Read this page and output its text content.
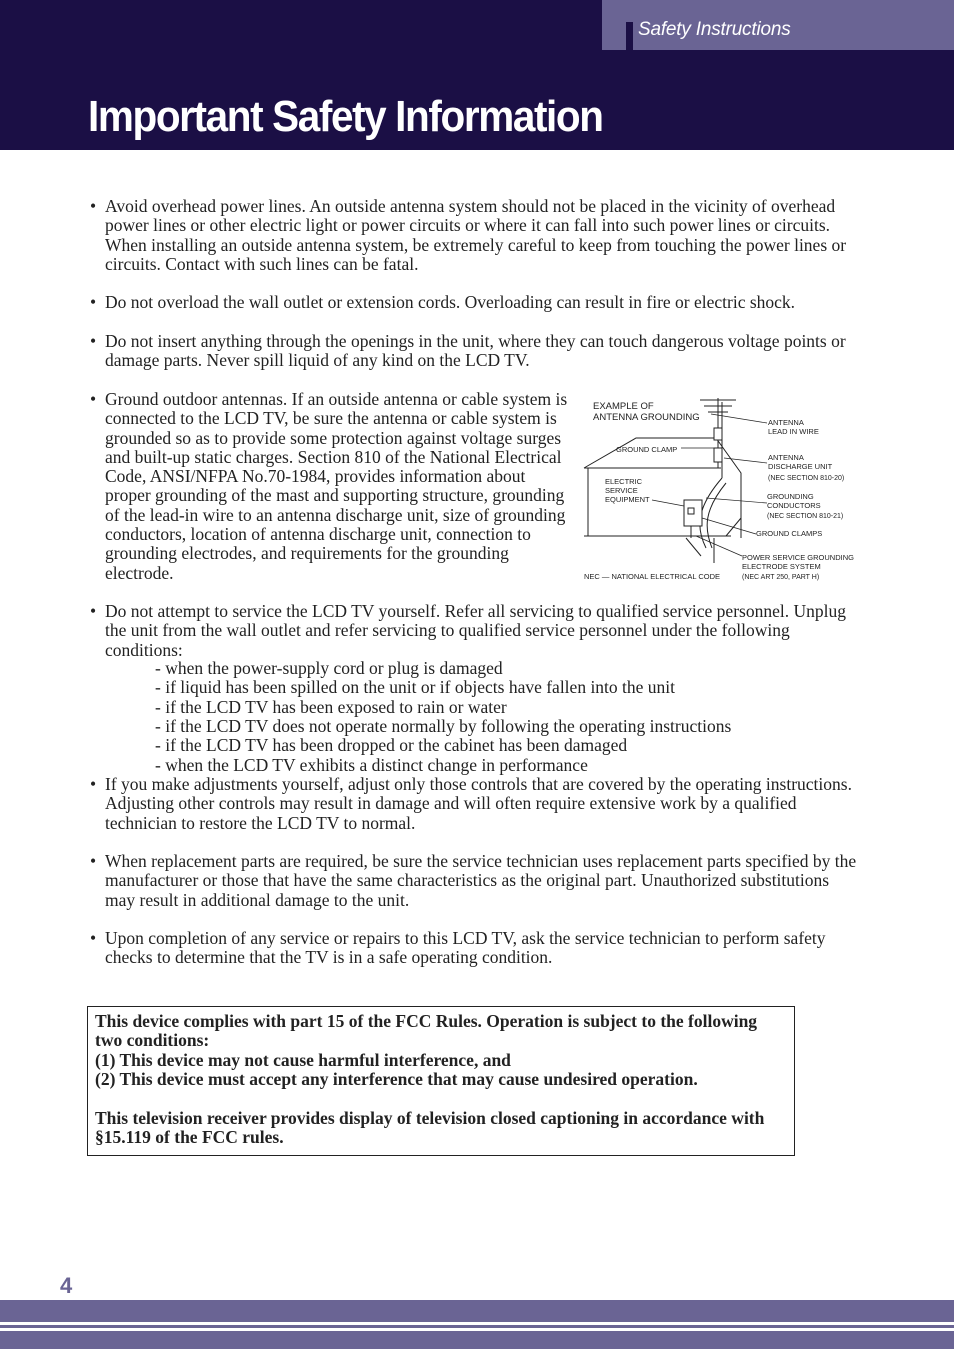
Safety Instructions
Important Safety Information
• Avoid overhead power lines. An outside antenna system should not be placed in the vicinity of overhead power lines or other electric light or power circuits or where it can fall into such power lines or circuits. When installing an outside antenna system, be extremely careful to keep from touching the power lines or circuits. Contact with such lines can be fatal.
• Do not overload the wall outlet or extension cords. Overloading can result in fire or electric shock.
• Do not insert anything through the openings in the unit, where they can touch dangerous voltage points or damage parts. Never spill liquid of any kind on the LCD TV.
• Ground outdoor antennas. If an outside antenna or cable system is connected to the LCD TV, be sure the antenna or cable system is grounded so as to provide some protection against voltage surges and built-up static charges. Section 810 of the National Electrical Code, ANSI/NFPA No.70-1984, provides information about proper grounding of the mast and supporting structure, grounding of the lead-in wire to an antenna discharge unit, size of grounding conductors, location of antenna discharge unit, connection to grounding electrodes, and requirements for the grounding electrode.
EXAMPLE OF
ANTENNA GROUNDING
GROUND CLAMP
ELECTRIC
SERVICE
EQUIPMENT
ANTENNA
LEAD IN WIRE
ANTENNA
DISCHARGE UNIT
(NEC SECTION 810-20)
GROUNDING
CONDUCTORS
(NEC SECTION 810-21)
GROUND CLAMPS
POWER SERVICE GROUNDING
ELECTRODE SYSTEM
(NEC ART 250, PART H)
NEC — NATIONAL ELECTRICAL CODE
• Do not attempt to service the LCD TV yourself. Refer all servicing to qualified service personnel. Unplug the unit from the wall outlet and refer servicing to qualified service personnel under the following conditions:
- when the power-supply cord or plug is damaged
- if liquid has been spilled on the unit or if objects have fallen into the unit
- if the LCD TV has been exposed to rain or water
- if the LCD TV does not operate normally by following the operating instructions
- if the LCD TV has been dropped or the cabinet has been damaged
- when the LCD TV exhibits a distinct change in performance
• If you make adjustments yourself, adjust only those controls that are covered by the operating instructions. Adjusting other controls may result in damage and will often require extensive work by a qualified technician to restore the LCD TV to normal.
• When replacement parts are required, be sure the service technician uses replacement parts specified by the manufacturer or those that have the same characteristics as the original part. Unauthorized substitutions may result in additional damage to the unit.
• Upon completion of any service or repairs to this LCD TV, ask the service technician to perform safety checks to determine that the TV is in a safe operating condition.

This device complies with part 15 of the FCC Rules. Operation is subject to the following two conditions:

(1) This device may not cause harmful interference, and

(2) This device must accept any interference that may cause undesired operation.

This television receiver provides display of television closed captioning in accordance with §15.119 of the FCC rules.

4
